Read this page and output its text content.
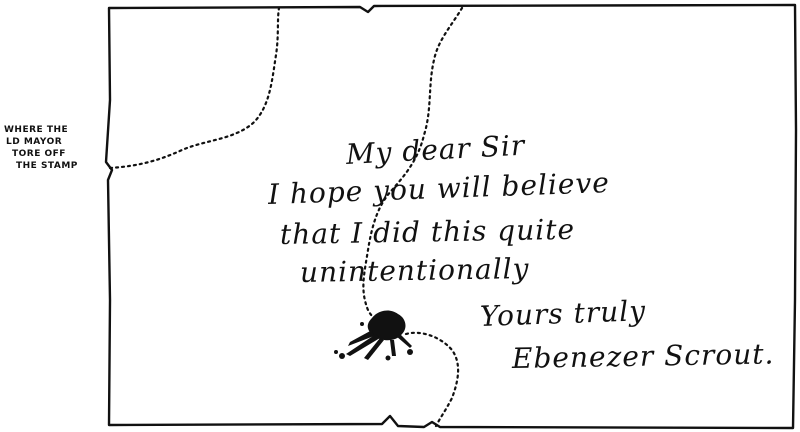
WHERE THE
LD MAYOR
TORE OFF
THE STAMP	My dear Sir
I hope you will believe
that I did this quite
unintentionally
Yours truly
Ebenezer Scrout.
